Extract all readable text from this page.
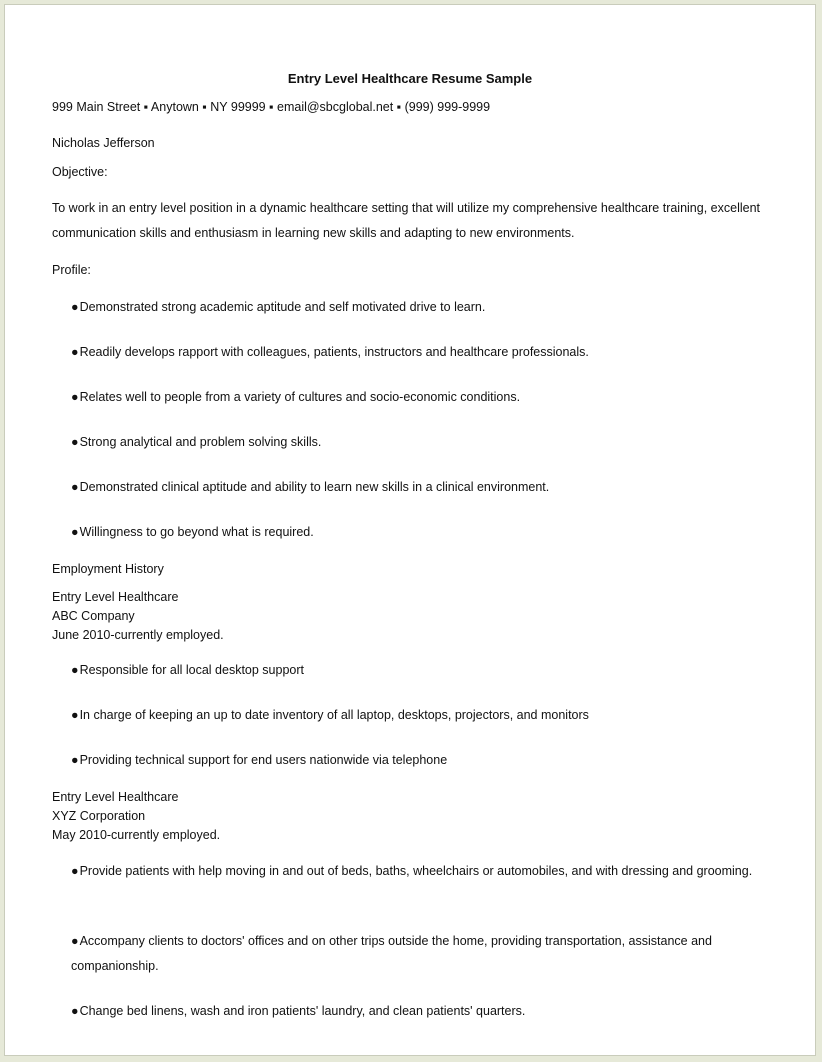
Entry Level Healthcare Resume Sample
999 Main Street ▪ Anytown ▪ NY 99999 ▪ email@sbcglobal.net ▪ (999) 999-9999
Nicholas Jefferson
Objective:
To work in an entry level position in a dynamic healthcare setting that will utilize my comprehensive healthcare training, excellent communication skills and enthusiasm in learning new skills and adapting to new environments.
Profile:
●Demonstrated strong academic aptitude and self motivated drive to learn.
●Readily develops rapport with colleagues, patients, instructors and healthcare professionals.
●Relates well to people from a variety of cultures and socio-economic conditions.
●Strong analytical and problem solving skills.
●Demonstrated clinical aptitude and ability to learn new skills in a clinical environment.
●Willingness to go beyond what is required.
Employment History
Entry Level Healthcare
ABC Company
June 2010-currently employed.
●Responsible for all local desktop support
●In charge of keeping an up to date inventory of all laptop, desktops, projectors, and monitors
●Providing technical support for end users nationwide via telephone
Entry Level Healthcare
XYZ Corporation
May 2010-currently employed.
●Provide patients with help moving in and out of beds, baths, wheelchairs or automobiles, and with dressing and grooming.
●Accompany clients to doctors' offices and on other trips outside the home, providing transportation, assistance and companionship.
●Change bed linens, wash and iron patients' laundry, and clean patients' quarters.
